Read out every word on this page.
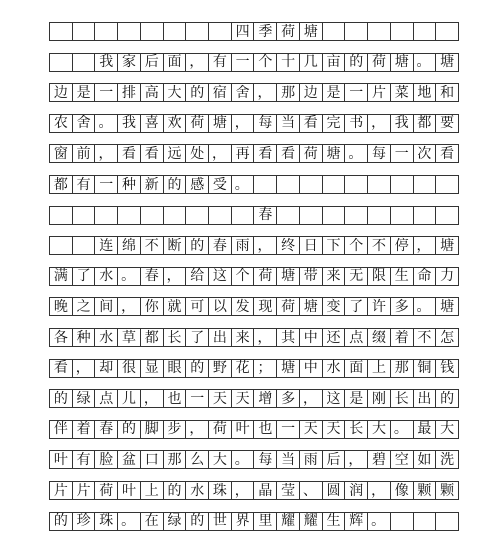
四 季 荷 塘
我 家 后 面 ， 有 一 个 十 几 亩 的 荷 塘 。 塘
边 是 一 排 高 大 的 宿 舍 ， 那 边 是 一 片 菜 地 和
农 舍 。 我 喜 欢 荷 塘 ， 每 当 看 完 书 ， 我 都 要
窗 前 ， 看 看 远 处 ， 再 看 看 荷 塘 。 每 一 次 看
都 有 一 种 新 的 感 受 。
春
连 绵 不 断 的 春 雨 ， 终 日 下 个 不 停 ， 塘
满 了 水 。 春 ， 给 这 个 荷 塘 带 来 无 限 生 命 力
晚 之 间 ， 你 就 可 以 发 现 荷 塘 变 了 许 多 。 塘
各 种 水 草 都 长 了 出 来 ， 其 中 还 点 缀 着 不 怎
看 ， 却 很 显 眼 的 野 花 ； 塘 中 水 面 上 那 铜 钱
的 绿 点 儿 ， 也 一 天 天 增 多 ， 这 是 刚 长 出 的
伴 着 春 的 脚 步 ， 荷 叶 也 一 天 天 长 大 。 最 大
叶 有 脸 盆 口 那 么 大 。 每 当 雨 后 ， 碧 空 如 洗
片 片 荷 叶 上 的 水 珠 ， 晶 莹 、 圆 润 ， 像 颗 颗
的 珍 珠 。 在 绿 的 世 界 里 耀 耀 生 辉 。
